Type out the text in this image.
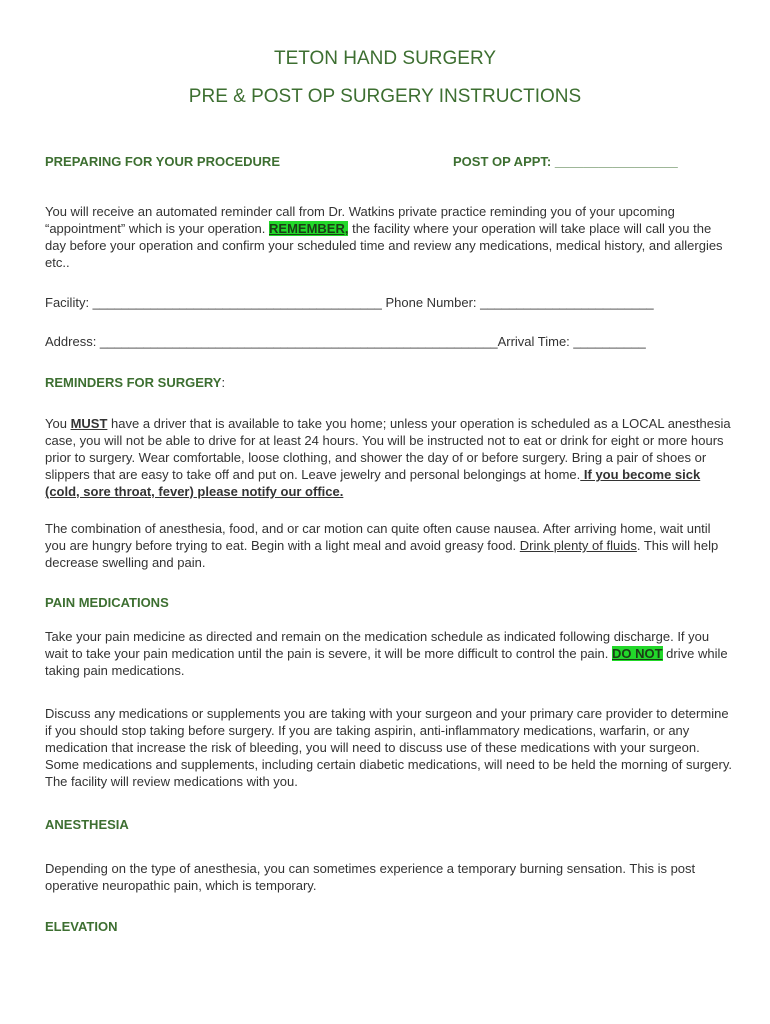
TETON HAND SURGERY
PRE & POST OP SURGERY INSTRUCTIONS

PREPARING FOR YOUR PROCEDURE	POST OP APPT: _________________

You will receive an automated reminder call from Dr. Watkins private practice reminding you of your upcoming “appointment” which is your operation. REMEMBER, the facility where your operation will take place will call you the day before your operation and confirm your scheduled time and review any medications, medical history, and allergies etc..

Facility: ________________________________________ Phone Number: ________________________

Address: _______________________________________________________Arrival Time: __________

REMINDERS FOR SURGERY:

You MUST have a driver that is available to take you home; unless your operation is scheduled as a LOCAL anesthesia case, you will not be able to drive for at least 24 hours. You will be instructed not to eat or drink for eight or more hours prior to surgery. Wear comfortable, loose clothing, and shower the day of or before surgery. Bring a pair of shoes or slippers that are easy to take off and put on. Leave jewelry and personal belongings at home. If you become sick (cold, sore throat, fever) please notify our office.

The combination of anesthesia, food, and or car motion can quite often cause nausea. After arriving home, wait until you are hungry before trying to eat. Begin with a light meal and avoid greasy food. Drink plenty of fluids. This will help decrease swelling and pain.

PAIN MEDICATIONS

Take your pain medicine as directed and remain on the medication schedule as indicated following discharge. If you wait to take your pain medication until the pain is severe, it will be more difficult to control the pain. DO NOT drive while taking pain medications.

Discuss any medications or supplements you are taking with your surgeon and your primary care provider to determine if you should stop taking before surgery. If you are taking aspirin, anti-inflammatory medications, warfarin, or any medication that increase the risk of bleeding, you will need to discuss use of these medications with your surgeon. Some medications and supplements, including certain diabetic medications, will need to be held the morning of surgery. The facility will review medications with you.

ANESTHESIA

Depending on the type of anesthesia, you can sometimes experience a temporary burning sensation. This is post operative neuropathic pain, which is temporary.

ELEVATION
